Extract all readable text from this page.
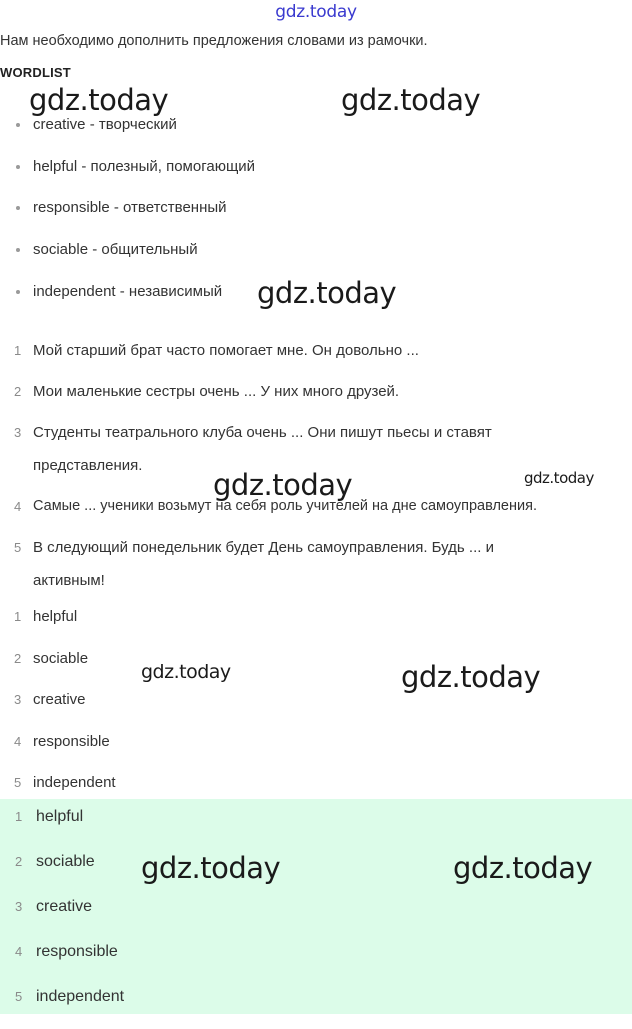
gdz.today
Нам необходимо дополнить предложения словами из рамочки.
WORDLIST
creative - творческий
helpful - полезный, помогающий
responsible - ответственный
sociable - общительный
independent - независимый
1 Мой старший брат часто помогает мне. Он довольно ...
2 Мои маленькие сестры очень ... У них много друзей.
3 Студенты театрального клуба очень ... Они пишут пьесы и ставят представления.
4 Самые ... ученики возьмут на себя роль учителей на дне самоуправления.
5 В следующий понедельник будет День самоуправления. Будь ... и активным!
1 helpful
2 sociable
3 creative
4 responsible
5 independent
1 helpful
2 sociable
3 creative
4 responsible
5 independent
gdz.today	gdz.today
gdz.today
gdz.today	gdz.today
gdz.today	gdz.today
gdz.today	gdz.today
